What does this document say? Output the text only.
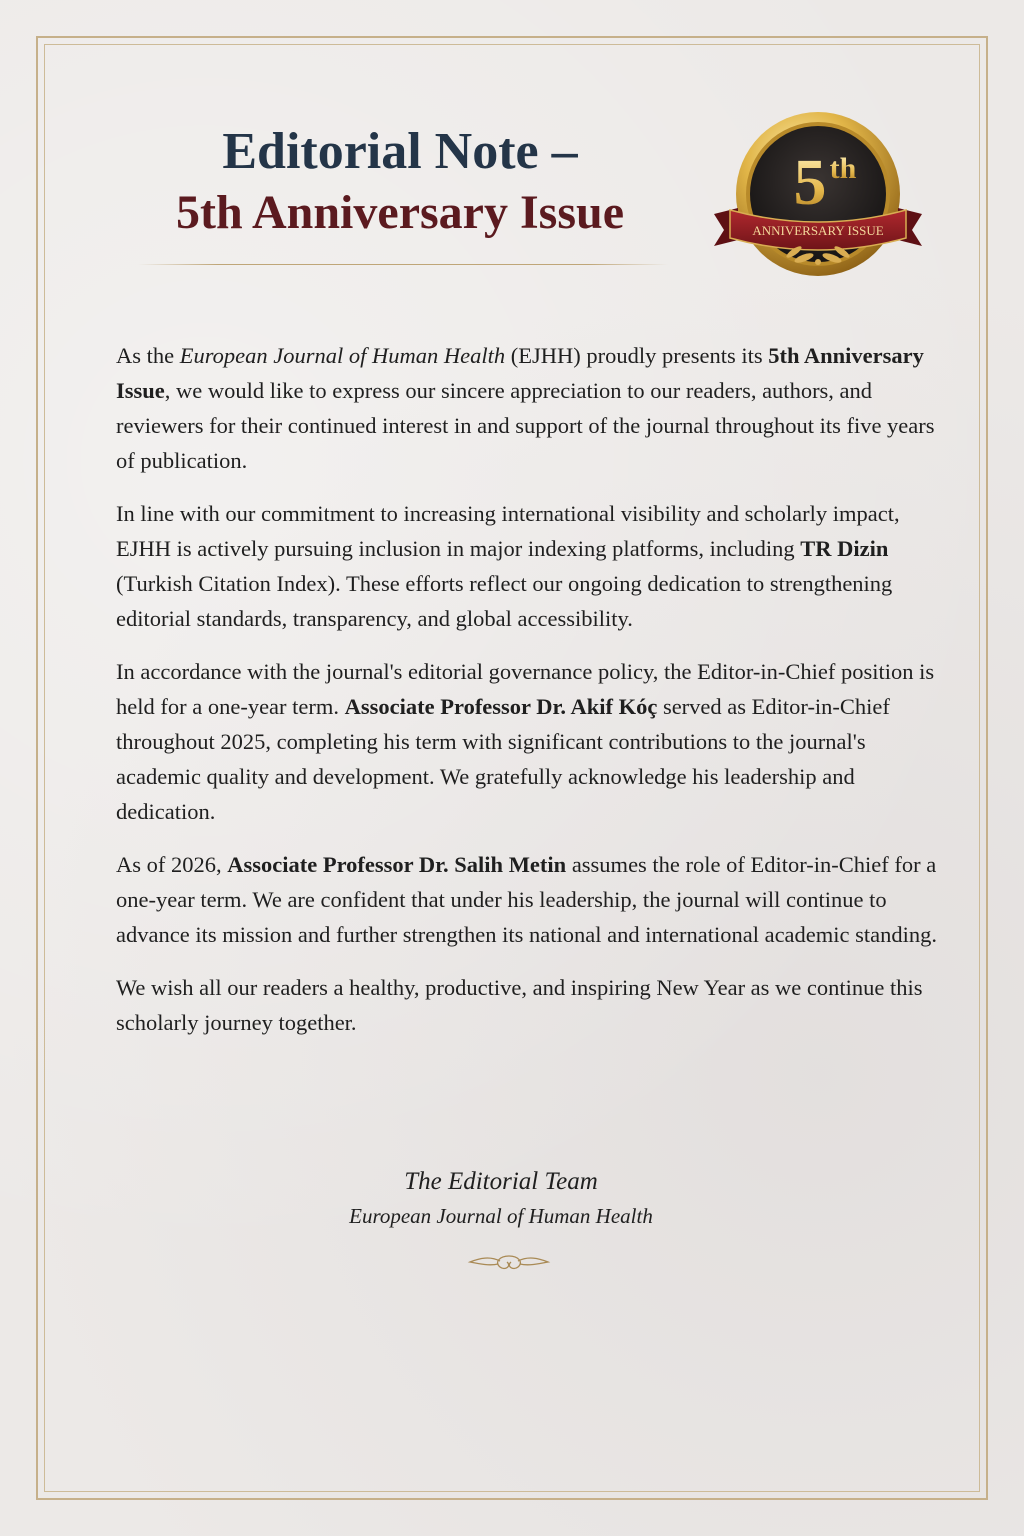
Editorial Note –
5th Anniversary Issue	5 th
ANNIVERSARY ISSUE

As the European Journal of Human Health (EJHH) proudly presents its 5th Anniversary Issue, we would like to express our sincere appreciation to our readers, authors, and reviewers for their continued interest in and support of the journal throughout its five years of publication.

In line with our commitment to increasing international visibility and scholarly impact, EJHH is actively pursuing inclusion in major indexing platforms, including TR Dizin (Turkish Citation Index). These efforts reflect our ongoing dedication to strengthening editorial standards, transparency, and global accessibility.

In accordance with the journal's editorial governance policy, the Editor-in-Chief position is held for a one-year term. Associate Professor Dr. Akif Kóç served as Editor-in-Chief throughout 2025, completing his term with significant contributions to the journal's academic quality and development. We gratefully acknowledge his leadership and dedication.

As of 2026, Associate Professor Dr. Salih Metin assumes the role of Editor-in-Chief for a one-year term. We are confident that under his leadership, the journal will continue to advance its mission and further strengthen its national and international academic standing.

We wish all our readers a healthy, productive, and inspiring New Year as we continue this scholarly journey together.

The Editorial Team
European Journal of Human Health
